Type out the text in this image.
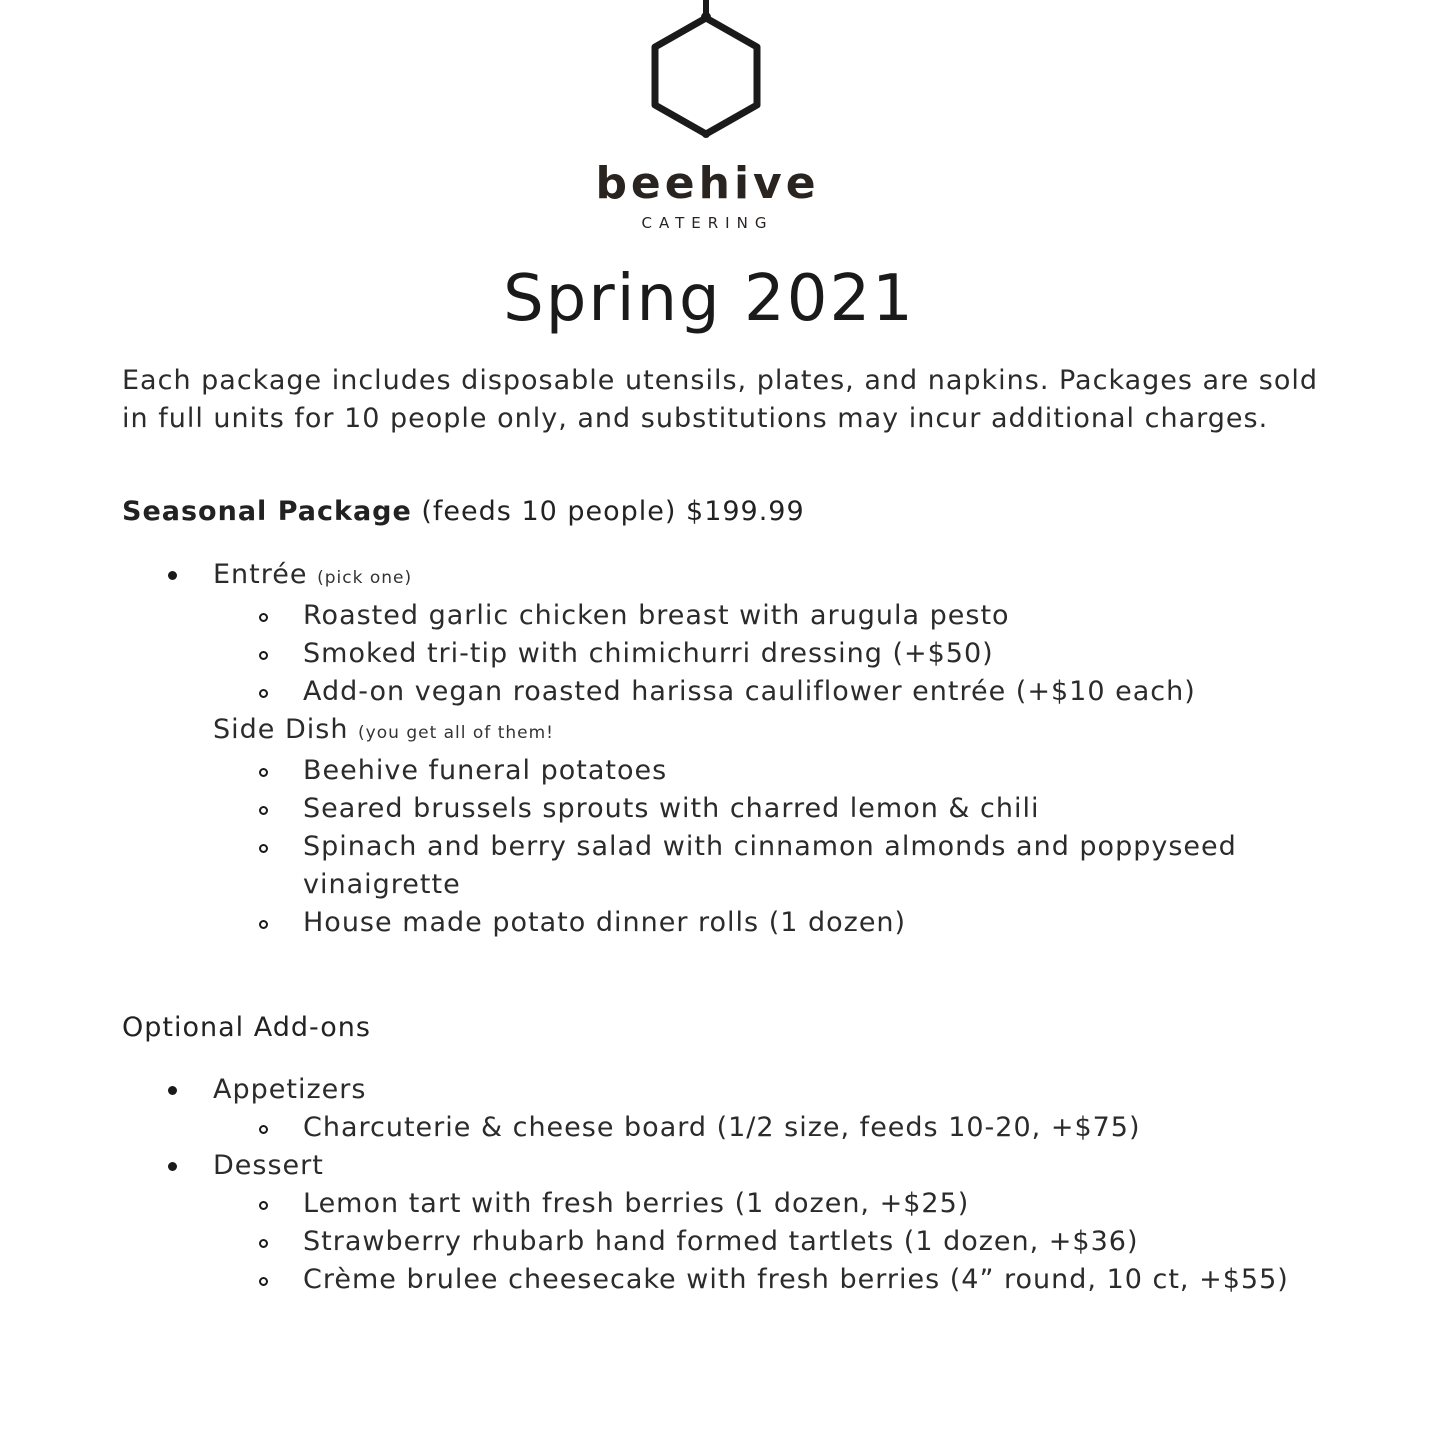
beehive
CATERING
Spring 2021
Each package includes disposable utensils, plates, and napkins. Packages are sold in full units for 10 people only, and substitutions may incur additional charges.
Seasonal Package (feeds 10 people) $199.99
Entrée (pick one)
Roasted garlic chicken breast with arugula pesto
Smoked tri-tip with chimichurri dressing (+$50)
Add-on vegan roasted harissa cauliflower entrée (+$10 each)
Side Dish (you get all of them!
Beehive funeral potatoes
Seared brussels sprouts with charred lemon & chili
Spinach and berry salad with cinnamon almonds and poppyseed vinaigrette
House made potato dinner rolls (1 dozen)
Optional Add-ons
Appetizers
Charcuterie & cheese board (1/2 size, feeds 10-20, +$75)
Dessert
Lemon tart with fresh berries (1 dozen, +$25)
Strawberry rhubarb hand formed tartlets (1 dozen, +$36)
Crème brulee cheesecake with fresh berries (4” round, 10 ct, +$55)
